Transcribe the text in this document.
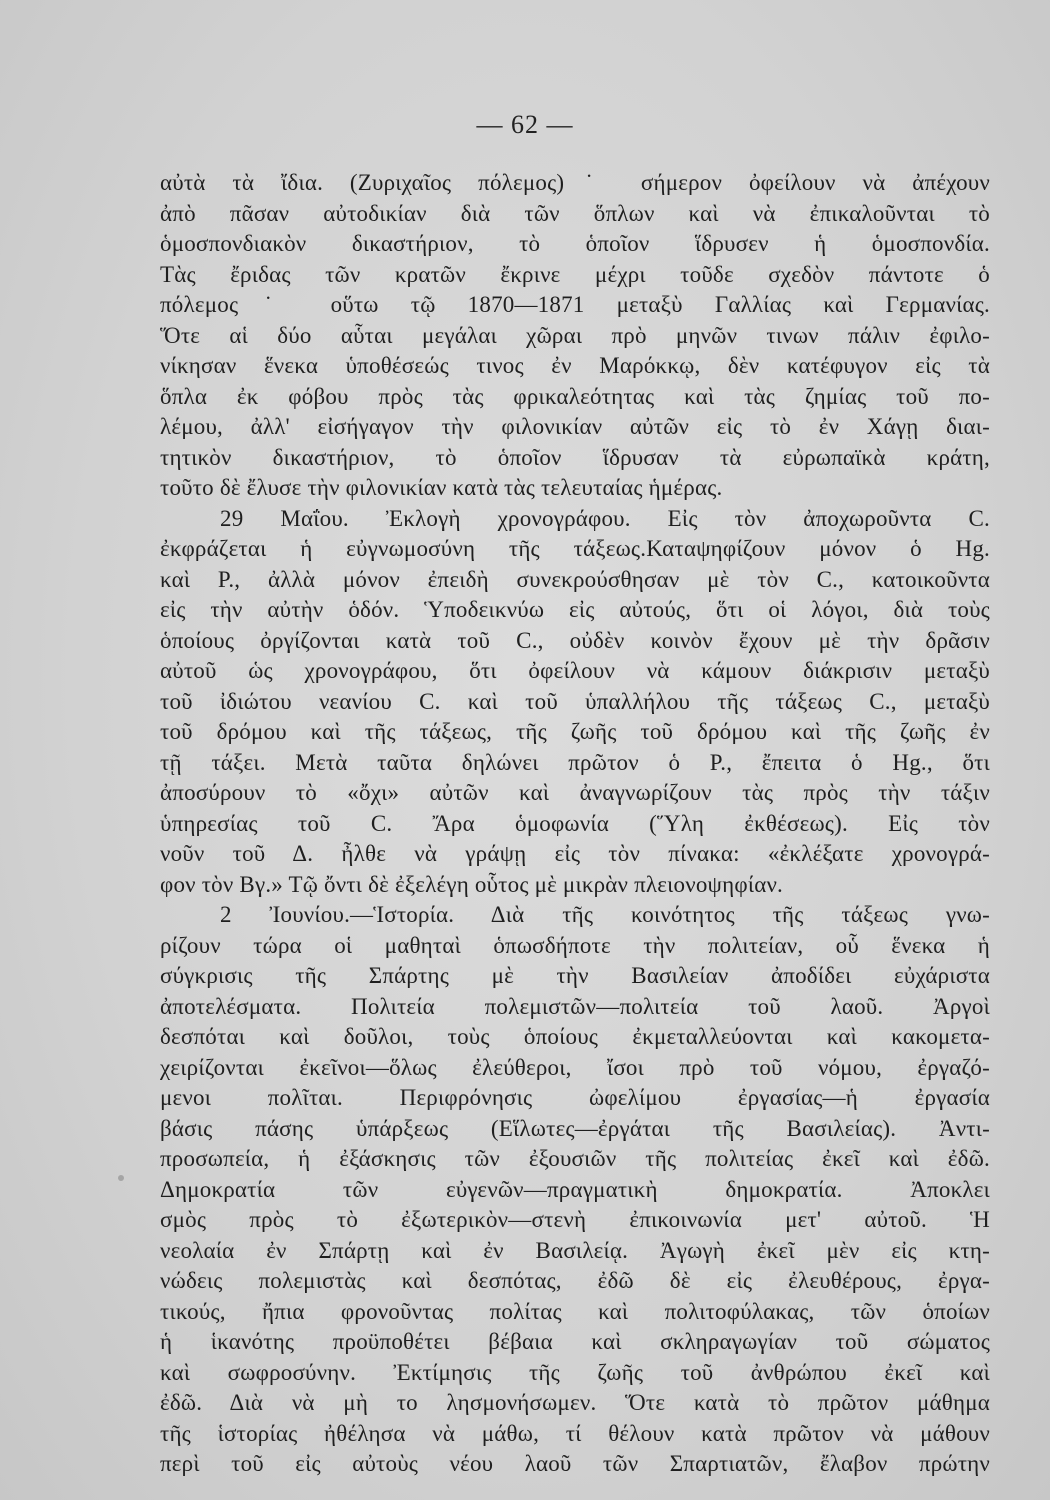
— 62 —
αὐτὰ τὰ ἴδια. (Ζυριχαῖος πόλεμος)˙ σήμερον ὀφείλουν νὰ ἀπέχουν
ἀπὸ πᾶσαν αὐτοδικίαν διὰ τῶν ὅπλων καὶ νὰ ἐπικαλοῦνται τὸ
ὁμοσπονδιακὸν δικαστήριον, τὸ ὁποῖον ἵδρυσεν ἡ ὁμοσπονδία.
Τὰς ἔριδας τῶν κρατῶν ἔκρινε μέχρι τοῦδε σχεδὸν πάντοτε ὁ
πόλεμος˙ οὕτω τῷ 1870—1871 μεταξὺ Γαλλίας καὶ Γερμανίας.
Ὅτε αἱ δύο αὗται μεγάλαι χῶραι πρὸ μηνῶν τινων πάλιν ἐφιλο-
νίκησαν ἕνεκα ὑποθέσεώς τινος ἐν Μαρόκκῳ, δὲν κατέφυγον εἰς τὰ
ὅπλα ἐκ φόβου πρὸς τὰς φρικαλεότητας καὶ τὰς ζημίας τοῦ πο-
λέμου, ἀλλ' εἰσήγαγον τὴν φιλονικίαν αὐτῶν εἰς τὸ ἐν Χάγῃ διαι-
τητικὸν δικαστήριον, τὸ ὁποῖον ἵδρυσαν τὰ εὐρωπαϊκὰ κράτη,
τοῦτο δὲ ἔλυσε τὴν φιλονικίαν κατὰ τὰς τελευταίας ἡμέρας.
29 Μαΐου. Ἐκλογὴ χρονογράφου. Εἰς τὸν ἀποχωροῦντα C.
ἐκφράζεται ἡ εὐγνωμοσύνη τῆς τάξεως.Καταψηφίζουν μόνον ὁ Hg.
καὶ P., ἀλλὰ μόνον ἐπειδὴ συνεκρούσθησαν μὲ τὸν C., κατοικοῦντα
εἰς τὴν αὐτὴν ὁδόν. Ὑποδεικνύω εἰς αὐτούς, ὅτι οἱ λόγοι, διὰ τοὺς
ὁποίους ὀργίζονται κατὰ τοῦ C., οὐδὲν κοινὸν ἔχουν μὲ τὴν δρᾶσιν
αὐτοῦ ὡς χρονογράφου, ὅτι ὀφείλουν νὰ κάμουν διάκρισιν μεταξὺ
τοῦ ἰδιώτου νεανίου C. καὶ τοῦ ὑπαλλήλου τῆς τάξεως C., μεταξὺ
τοῦ δρόμου καὶ τῆς τάξεως, τῆς ζωῆς τοῦ δρόμου καὶ τῆς ζωῆς ἐν
τῇ τάξει. Μετὰ ταῦτα δηλώνει πρῶτον ὁ P., ἔπειτα ὁ Hg., ὅτι
ἀποσύρουν τὸ «ὄχι» αὐτῶν καὶ ἀναγνωρίζουν τὰς πρὸς τὴν τάξιν
ὑπηρεσίας τοῦ C. Ἄρα ὁμοφωνία (Ὕλη ἐκθέσεως). Εἰς τὸν
νοῦν τοῦ Δ. ἦλθε νὰ γράψῃ εἰς τὸν πίνακα: «ἐκλέξατε χρονογρά-
φον τὸν Bγ.» Τῷ ὄντι δὲ ἐξελέγη οὗτος μὲ μικρὰν πλειονοψηφίαν.
2 Ἰουνίου.—Ἱστορία. Διὰ τῆς κοινότητος τῆς τάξεως γνω-
ρίζουν τώρα οἱ μαθηταὶ ὁπωσδήποτε τὴν πολιτείαν, οὗ ἕνεκα ἡ
σύγκρισις τῆς Σπάρτης μὲ τὴν Βασιλείαν ἀποδίδει εὐχάριστα
ἀποτελέσματα. Πολιτεία πολεμιστῶν—πολιτεία τοῦ λαοῦ. Ἀργοὶ
δεσπόται καὶ δοῦλοι, τοὺς ὁποίους ἐκμεταλλεύονται καὶ κακομετα-
χειρίζονται ἐκεῖνοι—ὅλως ἐλεύθεροι, ἴσοι πρὸ τοῦ νόμου, ἐργαζό-
μενοι πολῖται. Περιφρόνησις ὠφελίμου ἐργασίας—ἡ ἐργασία
βάσις πάσης ὑπάρξεως (Εἵλωτες—ἐργάται τῆς Βασιλείας). Ἀντι-
προσωπεία, ἡ ἐξάσκησις τῶν ἐξουσιῶν τῆς πολιτείας ἐκεῖ καὶ ἐδῶ.
Δημοκρατία τῶν εὐγενῶν—πραγματικὴ δημοκρατία. Ἀποκλει
σμὸς πρὸς τὸ ἐξωτερικὸν—στενὴ ἐπικοινωνία μετ' αὐτοῦ. Ἡ
νεολαία ἐν Σπάρτῃ καὶ ἐν Βασιλείᾳ. Ἀγωγὴ ἐκεῖ μὲν εἰς κτη-
νώδεις πολεμιστὰς καὶ δεσπότας, ἐδῶ δὲ εἰς ἐλευθέρους, ἐργα-
τικούς, ἤπια φρονοῦντας πολίτας καὶ πολιτοφύλακας, τῶν ὁποίων
ἡ ἱκανότης προϋποθέτει βέβαια καὶ σκληραγωγίαν τοῦ σώματος
καὶ σωφροσύνην. Ἐκτίμησις τῆς ζωῆς τοῦ ἀνθρώπου ἐκεῖ καὶ
ἐδῶ. Διὰ νὰ μὴ το λησμονήσωμεν. Ὅτε κατὰ τὸ πρῶτον μάθημα
τῆς ἱστορίας ἠθέλησα νὰ μάθω, τί θέλουν κατὰ πρῶτον νὰ μάθουν
περὶ τοῦ εἰς αὐτοὺς νέου λαοῦ τῶν Σπαρτιατῶν, ἔλαβον πρώτην
